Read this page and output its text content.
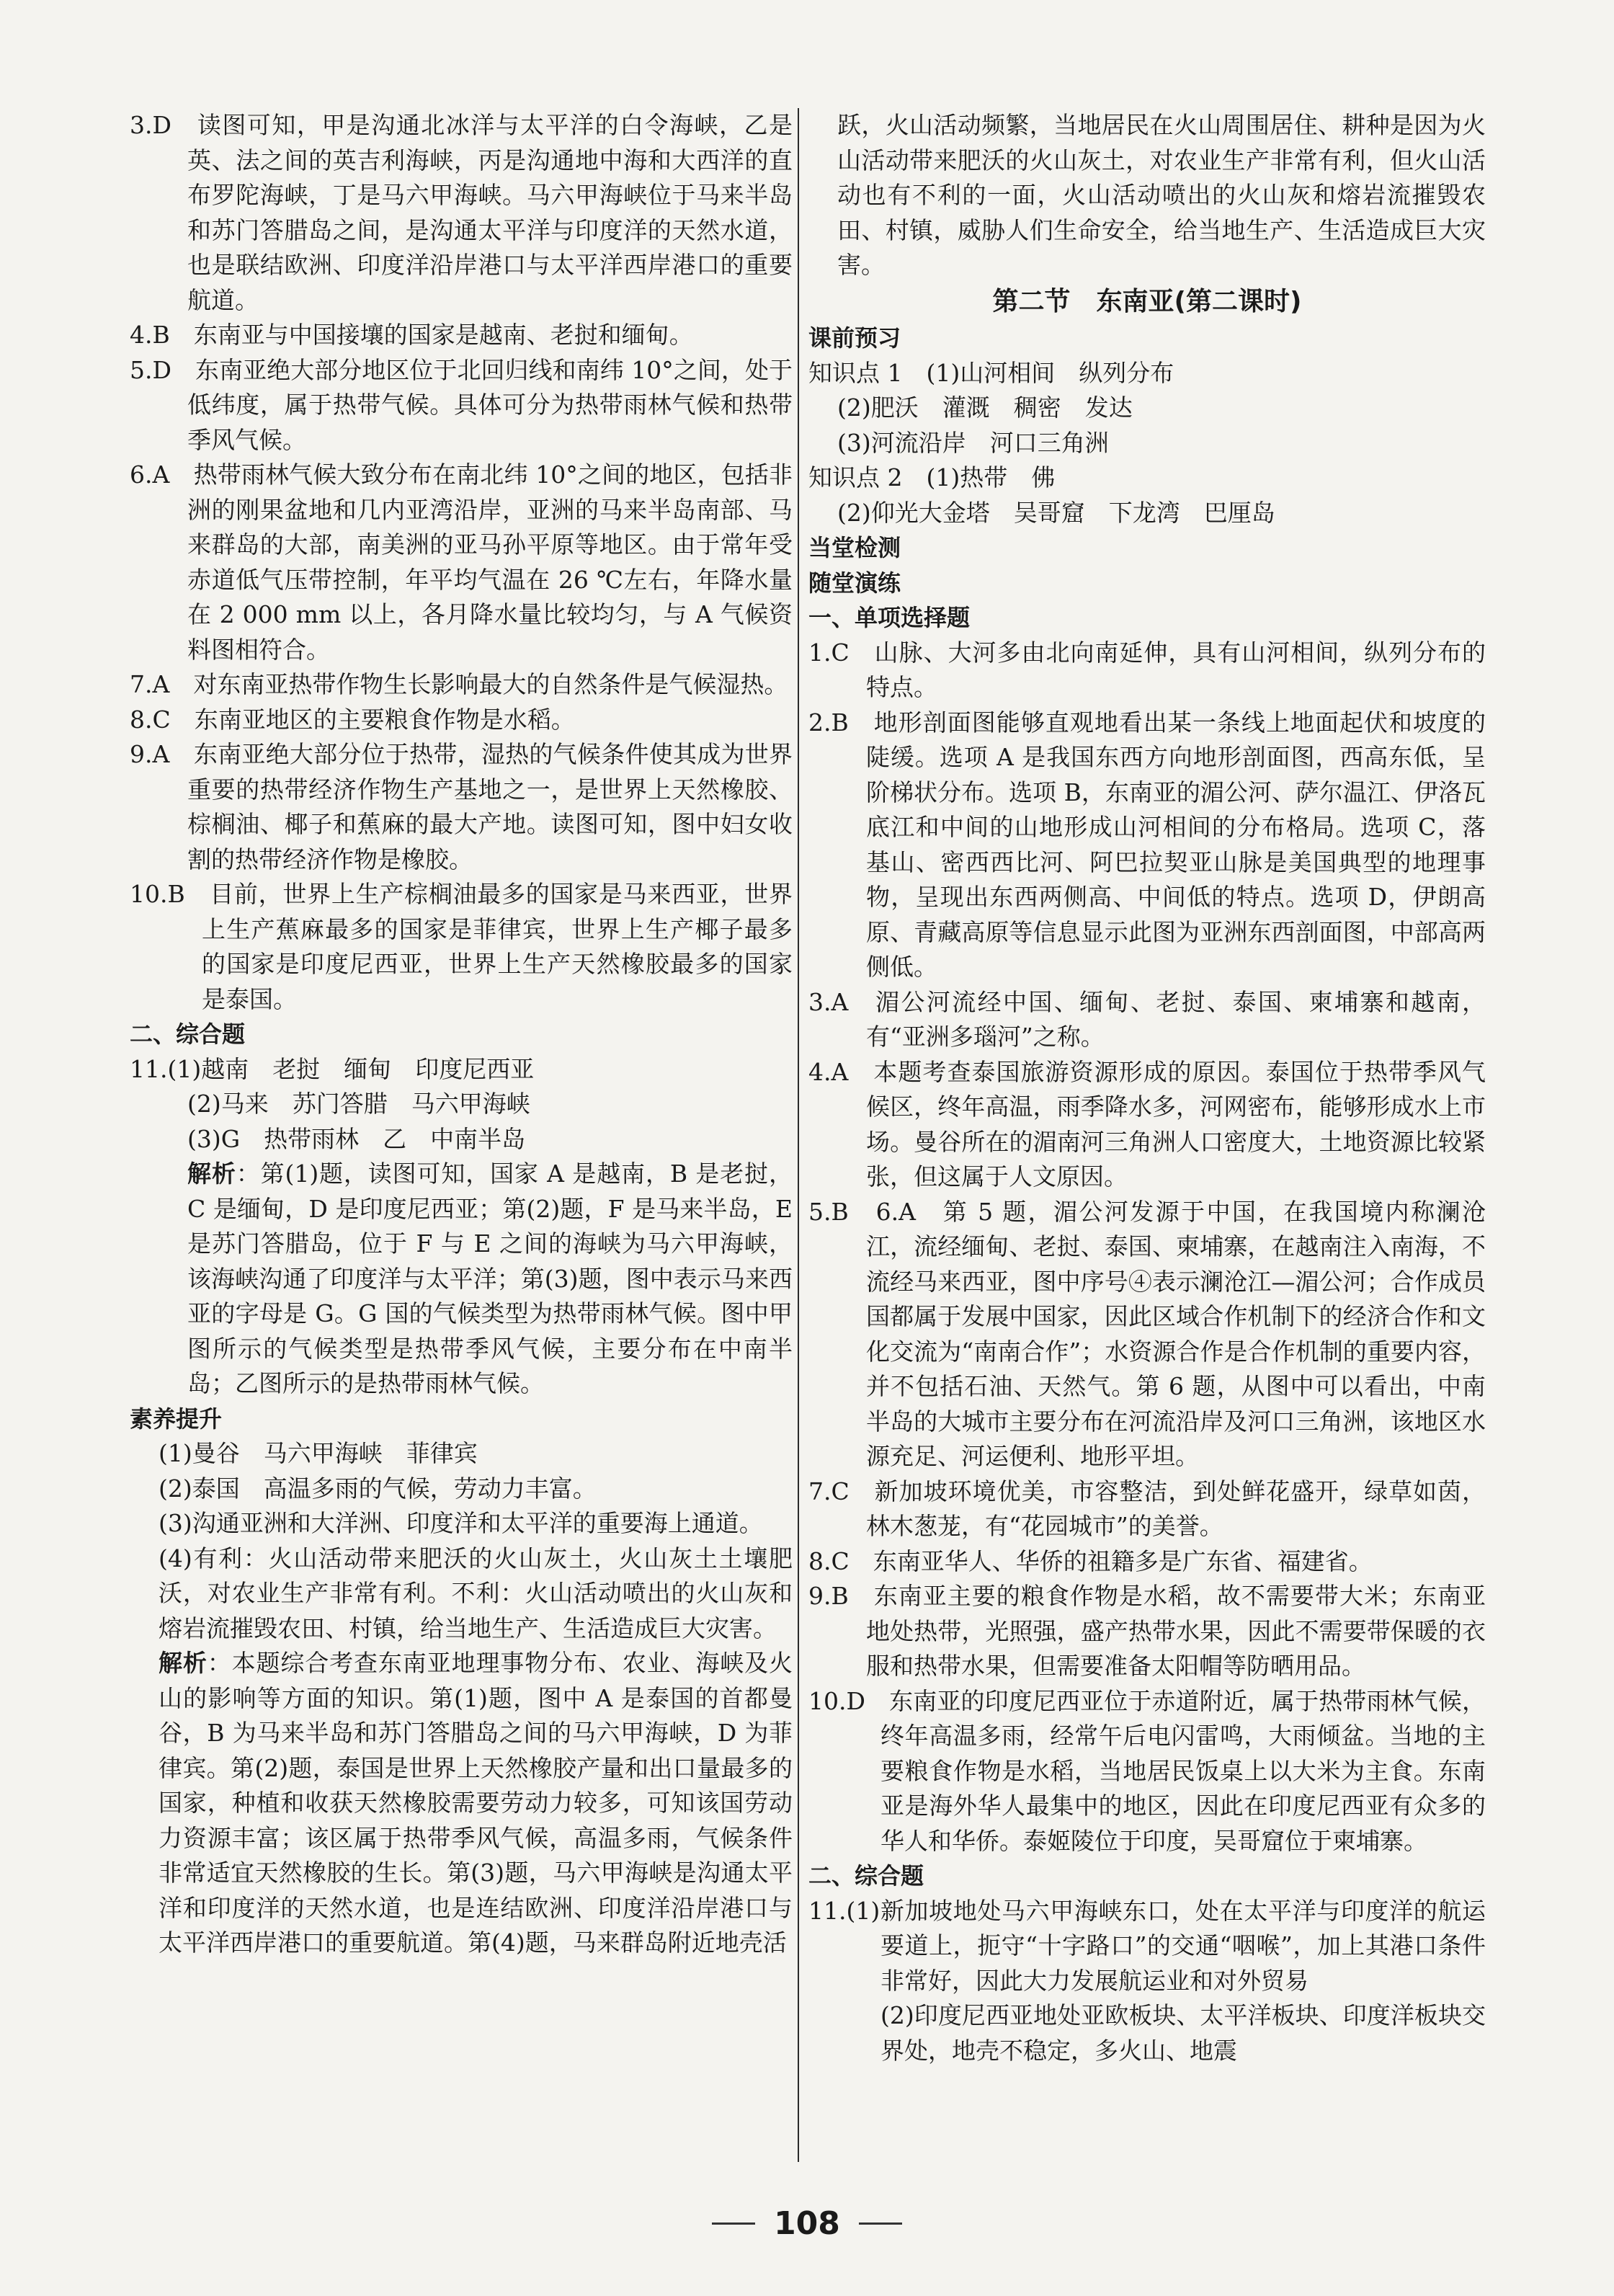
3.D　读图可知，甲是沟通北冰洋与太平洋的白令海峡，乙是英、法之间的英吉利海峡，丙是沟通地中海和大西洋的直布罗陀海峡，丁是马六甲海峡。马六甲海峡位于马来半岛和苏门答腊岛之间，是沟通太平洋与印度洋的天然水道，也是联结欧洲、印度洋沿岸港口与太平洋西岸港口的重要航道。

4.B　东南亚与中国接壤的国家是越南、老挝和缅甸。

5.D　东南亚绝大部分地区位于北回归线和南纬 10°之间，处于低纬度，属于热带气候。具体可分为热带雨林气候和热带季风气候。

6.A　热带雨林气候大致分布在南北纬 10°之间的地区，包括非洲的刚果盆地和几内亚湾沿岸，亚洲的马来半岛南部、马来群岛的大部，南美洲的亚马孙平原等地区。由于常年受赤道低气压带控制，年平均气温在 26 ℃左右，年降水量在 2 000 mm 以上，各月降水量比较均匀，与 A 气候资料图相符合。

7.A　对东南亚热带作物生长影响最大的自然条件是气候湿热。

8.C　东南亚地区的主要粮食作物是水稻。

9.A　东南亚绝大部分位于热带，湿热的气候条件使其成为世界重要的热带经济作物生产基地之一，是世界上天然橡胶、棕榈油、椰子和蕉麻的最大产地。读图可知，图中妇女收割的热带经济作物是橡胶。

10.B　目前，世界上生产棕榈油最多的国家是马来西亚，世界上生产蕉麻最多的国家是菲律宾，世界上生产椰子最多的国家是印度尼西亚，世界上生产天然橡胶最多的国家是泰国。

二、综合题

11.(1)越南　老挝　缅甸　印度尼西亚

(2)马来　苏门答腊　马六甲海峡

(3)G　热带雨林　乙　中南半岛

解析：第(1)题，读图可知，国家 A 是越南，B 是老挝，C 是缅甸，D 是印度尼西亚；第(2)题，F 是马来半岛，E 是苏门答腊岛，位于 F 与 E 之间的海峡为马六甲海峡，该海峡沟通了印度洋与太平洋；第(3)题，图中表示马来西亚的字母是 G。G 国的气候类型为热带雨林气候。图中甲图所示的气候类型是热带季风气候，主要分布在中南半岛；乙图所示的是热带雨林气候。

素养提升

(1)曼谷　马六甲海峡　菲律宾

(2)泰国　高温多雨的气候，劳动力丰富。

(3)沟通亚洲和大洋洲、印度洋和太平洋的重要海上通道。

(4)有利：火山活动带来肥沃的火山灰土，火山灰土土壤肥沃，对农业生产非常有利。不利：火山活动喷出的火山灰和熔岩流摧毁农田、村镇，给当地生产、生活造成巨大灾害。

解析：本题综合考查东南亚地理事物分布、农业、海峡及火山的影响等方面的知识。第(1)题，图中 A 是泰国的首都曼谷，B 为马来半岛和苏门答腊岛之间的马六甲海峡，D 为菲律宾。第(2)题，泰国是世界上天然橡胶产量和出口量最多的国家，种植和收获天然橡胶需要劳动力较多，可知该国劳动力资源丰富；该区属于热带季风气候，高温多雨，气候条件非常适宜天然橡胶的生长。第(3)题，马六甲海峡是沟通太平洋和印度洋的天然水道，也是连结欧洲、印度洋沿岸港口与太平洋西岸港口的重要航道。第(4)题，马来群岛附近地壳活

跃，火山活动频繁，当地居民在火山周围居住、耕种是因为火山活动带来肥沃的火山灰土，对农业生产非常有利，但火山活动也有不利的一面，火山活动喷出的火山灰和熔岩流摧毁农田、村镇，威胁人们生命安全，给当地生产、生活造成巨大灾害。

第二节　东南亚(第二课时)

课前预习

知识点 1　(1)山河相间　纵列分布

(2)肥沃　灌溉　稠密　发达

(3)河流沿岸　河口三角洲

知识点 2　(1)热带　佛

(2)仰光大金塔　吴哥窟　下龙湾　巴厘岛

当堂检测

随堂演练

一、单项选择题

1.C　山脉、大河多由北向南延伸，具有山河相间，纵列分布的特点。

2.B　地形剖面图能够直观地看出某一条线上地面起伏和坡度的陡缓。选项 A 是我国东西方向地形剖面图，西高东低，呈阶梯状分布。选项 B，东南亚的湄公河、萨尔温江、伊洛瓦底江和中间的山地形成山河相间的分布格局。选项 C，落基山、密西西比河、阿巴拉契亚山脉是美国典型的地理事物，呈现出东西两侧高、中间低的特点。选项 D，伊朗高原、青藏高原等信息显示此图为亚洲东西剖面图，中部高两侧低。

3.A　湄公河流经中国、缅甸、老挝、泰国、柬埔寨和越南，有“亚洲多瑙河”之称。

4.A　本题考查泰国旅游资源形成的原因。泰国位于热带季风气候区，终年高温，雨季降水多，河网密布，能够形成水上市场。曼谷所在的湄南河三角洲人口密度大，土地资源比较紧张，但这属于人文原因。

5.B　6.A　第 5 题，湄公河发源于中国，在我国境内称澜沧江，流经缅甸、老挝、泰国、柬埔寨，在越南注入南海，不流经马来西亚，图中序号④表示澜沧江—湄公河；合作成员国都属于发展中国家，因此区域合作机制下的经济合作和文化交流为“南南合作”；水资源合作是合作机制的重要内容，并不包括石油、天然气。第 6 题，从图中可以看出，中南半岛的大城市主要分布在河流沿岸及河口三角洲，该地区水源充足、河运便利、地形平坦。

7.C　新加坡环境优美，市容整洁，到处鲜花盛开，绿草如茵，林木葱茏，有“花园城市”的美誉。

8.C　东南亚华人、华侨的祖籍多是广东省、福建省。

9.B　东南亚主要的粮食作物是水稻，故不需要带大米；东南亚地处热带，光照强，盛产热带水果，因此不需要带保暖的衣服和热带水果，但需要准备太阳帽等防晒用品。

10.D　东南亚的印度尼西亚位于赤道附近，属于热带雨林气候，终年高温多雨，经常午后电闪雷鸣，大雨倾盆。当地的主要粮食作物是水稻，当地居民饭桌上以大米为主食。东南亚是海外华人最集中的地区，因此在印度尼西亚有众多的华人和华侨。泰姬陵位于印度，吴哥窟位于柬埔寨。

二、综合题

11.(1)新加坡地处马六甲海峡东口，处在太平洋与印度洋的航运要道上，扼守“十字路口”的交通“咽喉”，加上其港口条件非常好，因此大力发展航运业和对外贸易

(2)印度尼西亚地处亚欧板块、太平洋板块、印度洋板块交界处，地壳不稳定，多火山、地震

108
